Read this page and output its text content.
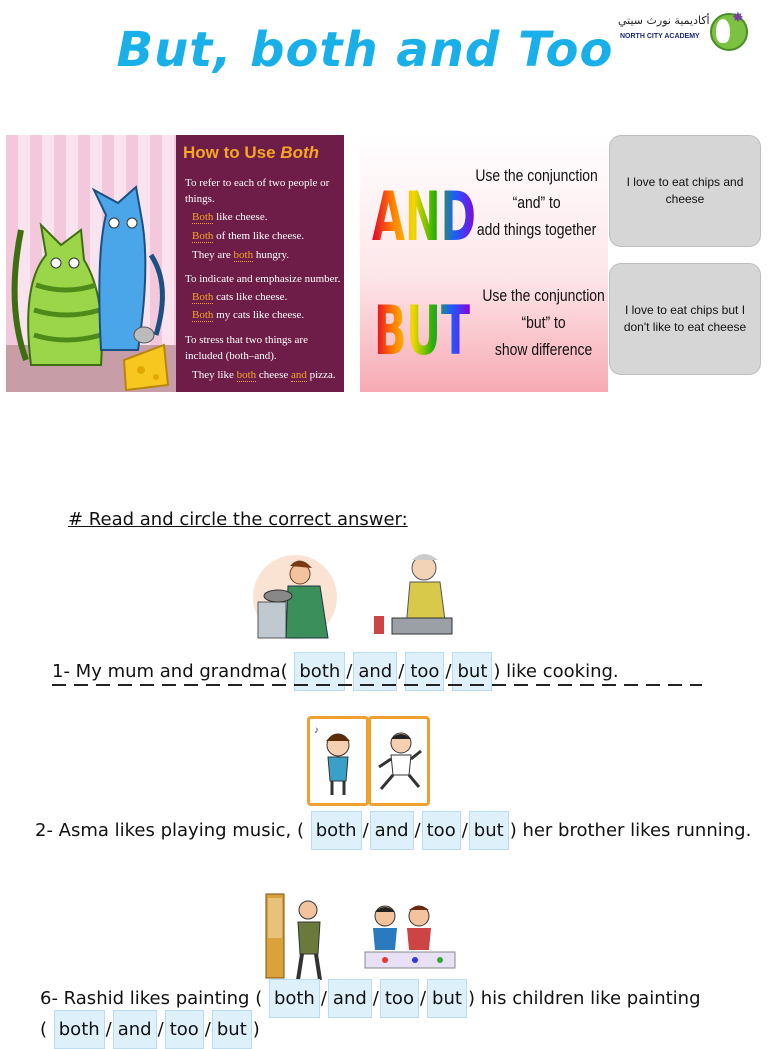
But, both and Too
أكاديمية نورث سيتي
NORTH CITY ACADEMY
✸
How to Use Both
To refer to each of two people or
things.
Both like cheese.
Both of them like cheese.
They are both hungry.
To indicate and emphasize number.
Both cats like cheese.
Both my cats like cheese.
To stress that two things are
included (both–and).
They like both cheese and pizza.
AND
BUT
Use the conjunction
“and” to
add things together
Use the conjunction
“but” to
show difference
I love to eat chips and cheese
I love to eat chips but I don't like to eat cheese
# Read and circle the correct answer:
1- My mum and grandma( both / and / too / but ) like cooking.
♪
2- Asma likes playing music, ( both / and / too / but ) her brother likes running.
6- Rashid likes painting ( both / and / too / but ) his children like painting
( both / and / too / but )
